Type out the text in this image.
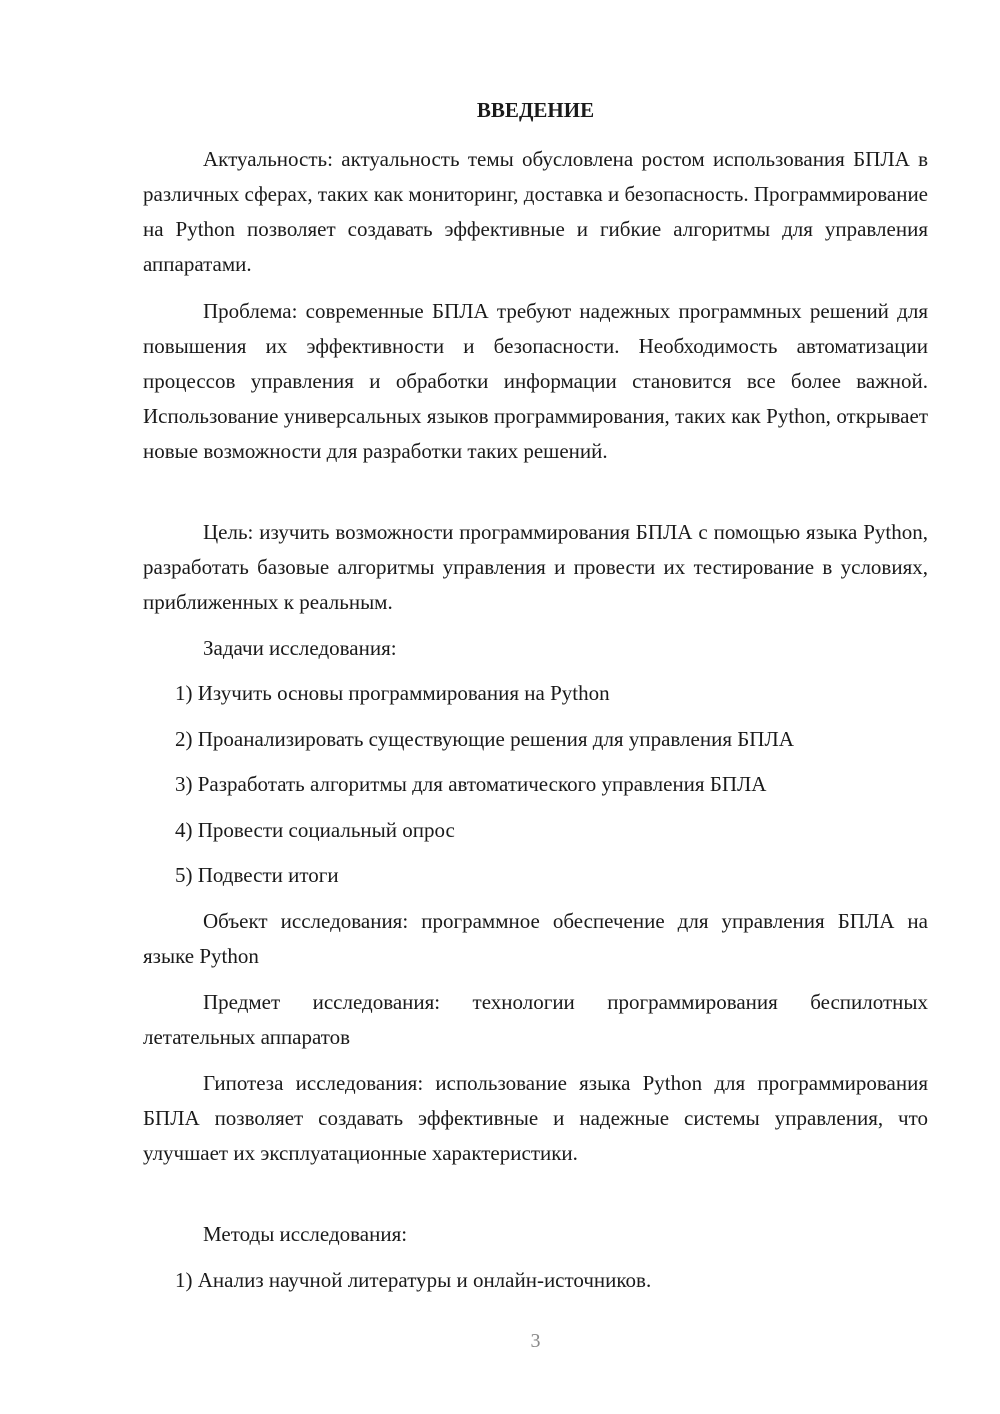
ВВЕДЕНИЕ

Актуальность: актуальность темы обусловлена ростом использования БПЛА в различных сферах, таких как мониторинг, доставка и безопасность. Программирование на Python позволяет создавать эффективные и гибкие алгоритмы для управления аппаратами.

Проблема: современные БПЛА требуют надежных программных решений для повышения их эффективности и безопасности. Необходимость автоматизации процессов управления и обработки информации становится все более важной. Использование универсальных языков программирования, таких как Python, открывает новые возможности для разработки таких решений.

Цель: изучить возможности программирования БПЛА с помощью языка Python, разработать базовые алгоритмы управления и провести их тестирование в условиях, приближенных к реальным.

Задачи исследования:

1) Изучить основы программирования на Python

2) Проанализировать существующие решения для управления БПЛА

3) Разработать алгоритмы для автоматического управления БПЛА

4) Провести социальный опрос

5) Подвести итоги

Объект исследования: программное обеспечение для управления БПЛА на языке Python

Предмет исследования: технологии программирования беспилотных летательных аппаратов

Гипотеза исследования: использование языка Python для программирования БПЛА позволяет создавать эффективные и надежные системы управления, что улучшает их эксплуатационные характеристики.

Методы исследования:

1) Анализ научной литературы и онлайн-источников.

3
